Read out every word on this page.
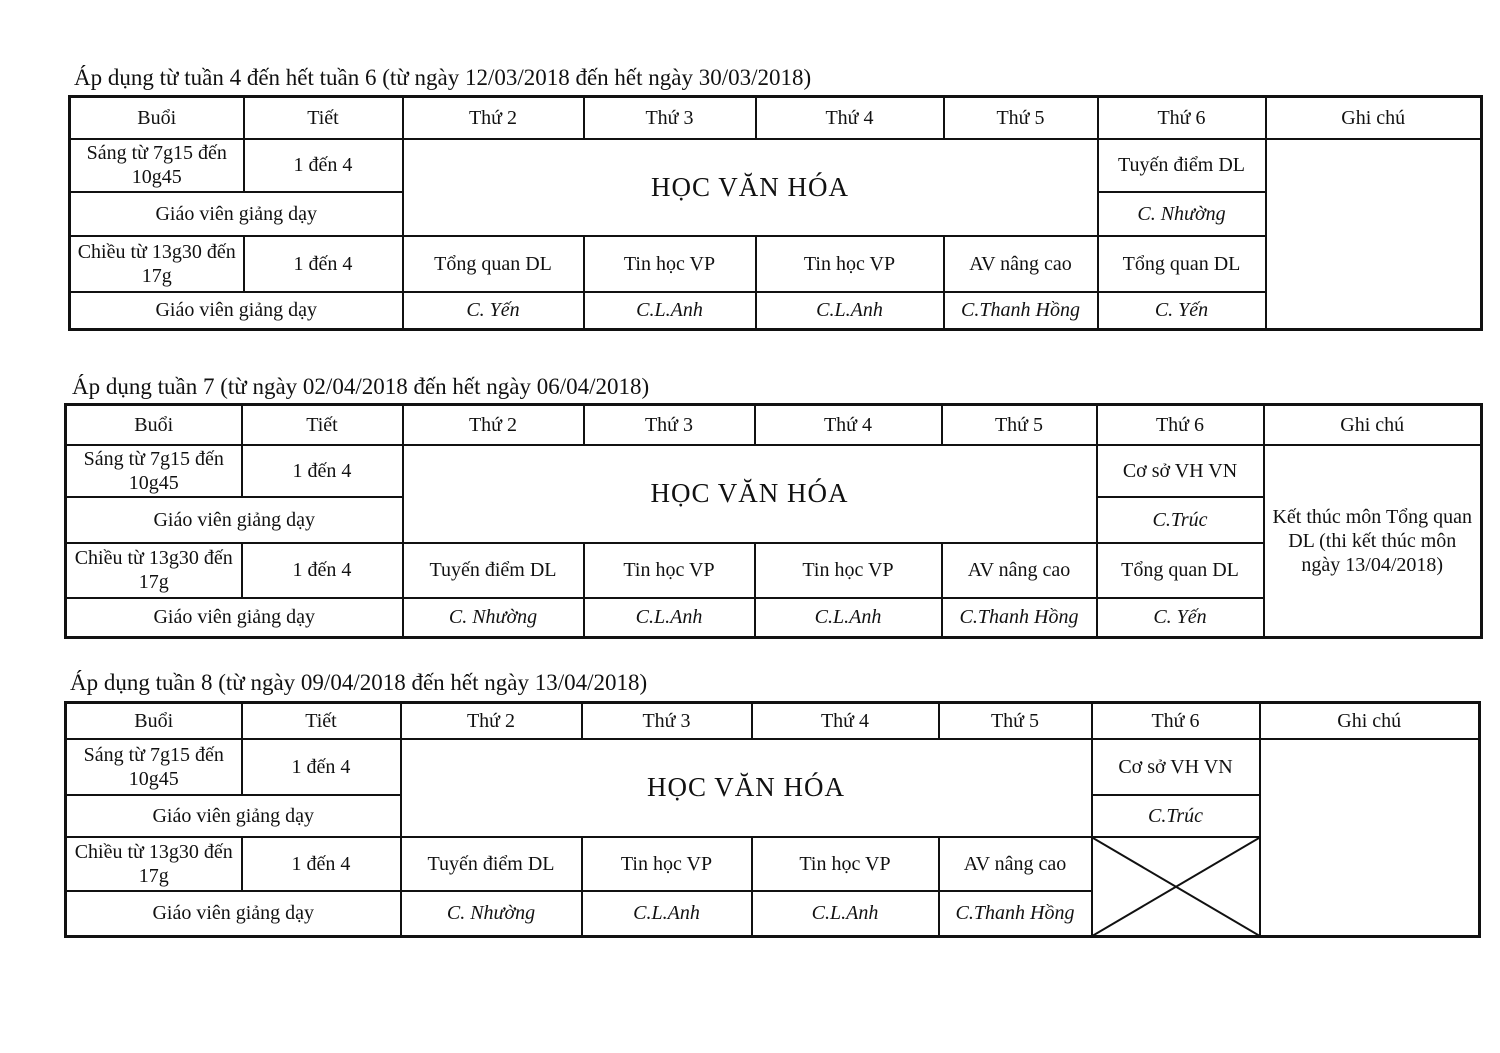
Áp dụng từ tuần 4 đến hết tuần 6 (từ ngày 12/03/2018 đến hết ngày 30/03/2018)
Buổi	Tiết	Thứ 2	Thứ 3	Thứ 4	Thứ 5	Thứ 6	Ghi chú
Sáng từ 7g15 đến 10g45	1 đến 4	HỌC VĂN HÓA				Tuyến điểm DL	
Giáo viên giảng dạy						C. Nhường	
Chiều từ 13g30 đến 17g	1 đến 4	Tổng quan DL	Tin học VP	Tin học VP	AV nâng cao	Tổng quan DL	
Giáo viên giảng dạy		C. Yến	C.L.Anh	C.L.Anh	C.Thanh Hồng	C. Yến	
Áp dụng tuần 7 (từ ngày 02/04/2018 đến hết ngày 06/04/2018)
Buổi	Tiết	Thứ 2	Thứ 3	Thứ 4	Thứ 5	Thứ 6	Ghi chú
Sáng từ 7g15 đến 10g45	1 đến 4	HỌC VĂN HÓA				Cơ sở VH VN	Kết thúc môn Tổng quan DL (thi kết thúc môn ngày 13/04/2018)
Giáo viên giảng dạy						C.Trúc	
Chiều từ 13g30 đến 17g	1 đến 4	Tuyến điểm DL	Tin học VP	Tin học VP	AV nâng cao	Tổng quan DL	
Giáo viên giảng dạy		C. Nhường	C.L.Anh	C.L.Anh	C.Thanh Hồng	C. Yến	
Áp dụng tuần 8 (từ ngày 09/04/2018 đến hết ngày 13/04/2018)
Buổi	Tiết	Thứ 2	Thứ 3	Thứ 4	Thứ 5	Thứ 6	Ghi chú
Sáng từ 7g15 đến 10g45	1 đến 4	HỌC VĂN HÓA				Cơ sở VH VN	
Giáo viên giảng dạy						C.Trúc	
Chiều từ 13g30 đến 17g	1 đến 4	Tuyến điểm DL	Tin học VP	Tin học VP	AV nâng cao	

Giáo viên giảng dạy		C. Nhường	C.L.Anh	C.L.Anh	C.Thanh Hồng		
